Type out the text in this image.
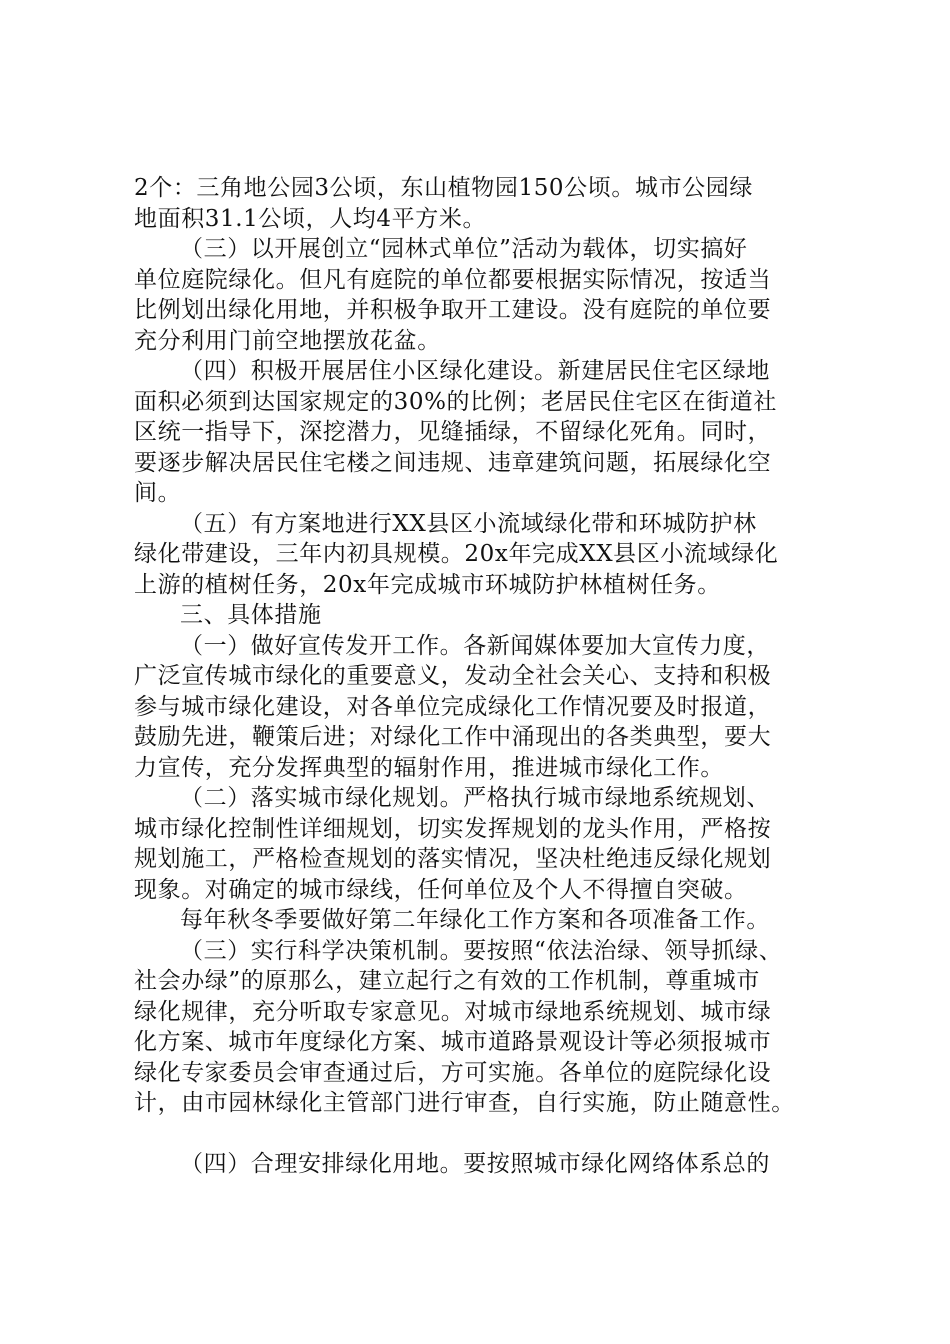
2个：三角地公园3公顷，东山植物园150公顷。城市公园绿
地面积31.1公顷，人均4平方米。
（三）以开展创立“园林式单位”活动为载体，切实搞好
单位庭院绿化。但凡有庭院的单位都要根据实际情况，按适当
比例划出绿化用地，并积极争取开工建设。没有庭院的单位要
充分利用门前空地摆放花盆。
（四）积极开展居住小区绿化建设。新建居民住宅区绿地
面积必须到达国家规定的30%的比例；老居民住宅区在街道社
区统一指导下，深挖潜力，见缝插绿，不留绿化死角。同时，
要逐步解决居民住宅楼之间违规、违章建筑问题，拓展绿化空
间。
（五）有方案地进行XX县区小流域绿化带和环城防护林
绿化带建设，三年内初具规模。20x年完成XX县区小流域绿化
上游的植树任务，20x年完成城市环城防护林植树任务。
三、具体措施
（一）做好宣传发开工作。各新闻媒体要加大宣传力度，
广泛宣传城市绿化的重要意义，发动全社会关心、支持和积极
参与城市绿化建设，对各单位完成绿化工作情况要及时报道，
鼓励先进，鞭策后进；对绿化工作中涌现出的各类典型，要大
力宣传，充分发挥典型的辐射作用，推进城市绿化工作。
（二）落实城市绿化规划。严格执行城市绿地系统规划、
城市绿化控制性详细规划，切实发挥规划的龙头作用，严格按
规划施工，严格检查规划的落实情况，坚决杜绝违反绿化规划
现象。对确定的城市绿线，任何单位及个人不得擅自突破。
每年秋冬季要做好第二年绿化工作方案和各项准备工作。
（三）实行科学决策机制。要按照“依法治绿、领导抓绿、
社会办绿”的原那么，建立起行之有效的工作机制，尊重城市
绿化规律，充分听取专家意见。对城市绿地系统规划、城市绿
化方案、城市年度绿化方案、城市道路景观设计等必须报城市
绿化专家委员会审查通过后，方可实施。各单位的庭院绿化设
计，由市园林绿化主管部门进行审查，自行实施，防止随意性。
（四）合理安排绿化用地。要按照城市绿化网络体系总的
